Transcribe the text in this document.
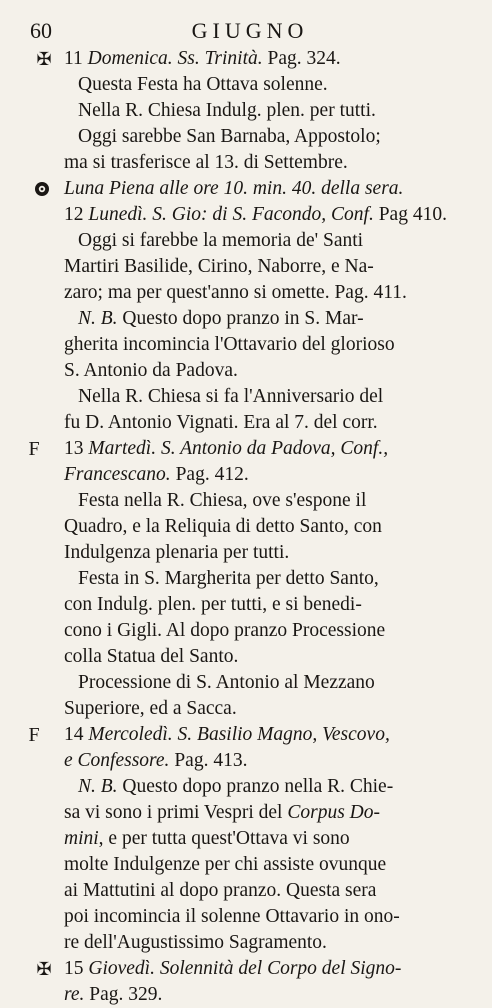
60	GIUGNO
✠ 11 Domenica. Ss. Trinità. Pag. 324.
Questa Festa ha Ottava solenne.
Nella R. Chiesa Indulg. plen. per tutti.
Oggi sarebbe San Barnaba, Appostolo;
ma si trasferisce al 13. di Settembre.
Luna Piena alle ore 10. min. 40. della sera.
12 Lunedì. S. Gio: di S. Facondo, Conf. Pag 410.
Oggi si farebbe la memoria de' Santi
Martiri Basilide, Cirino, Naborre, e Na-
zaro; ma per quest'anno si omette. Pag. 411.
N. B. Questo dopo pranzo in S. Mar-
gherita incomincia l'Ottavario del glorioso
S. Antonio da Padova.
Nella R. Chiesa si fa l'Anniversario del
fu D. Antonio Vignati. Era al 7. del corr.
F 13 Martedì. S. Antonio da Padova, Conf.,
Francescano. Pag. 412.
Festa nella R. Chiesa, ove s'espone il
Quadro, e la Reliquia di detto Santo, con
Indulgenza plenaria per tutti.
Festa in S. Margherita per detto Santo,
con Indulg. plen. per tutti, e si benedi-
cono i Gigli. Al dopo pranzo Processione
colla Statua del Santo.
Processione di S. Antonio al Mezzano
Superiore, ed a Sacca.
F 14 Mercoledì. S. Basilio Magno, Vescovo,
e Confessore. Pag. 413.
N. B. Questo dopo pranzo nella R. Chie-
sa vi sono i primi Vespri del Corpus Do-
mini, e per tutta quest'Ottava vi sono
molte Indulgenze per chi assiste ovunque
ai Mattutini al dopo pranzo. Questa sera
poi incomincia il solenne Ottavario in ono-
re dell'Augustissimo Sagramento.
✠ 15 Giovedì. Solennità del Corpo del Signo-
re. Pag. 329.
